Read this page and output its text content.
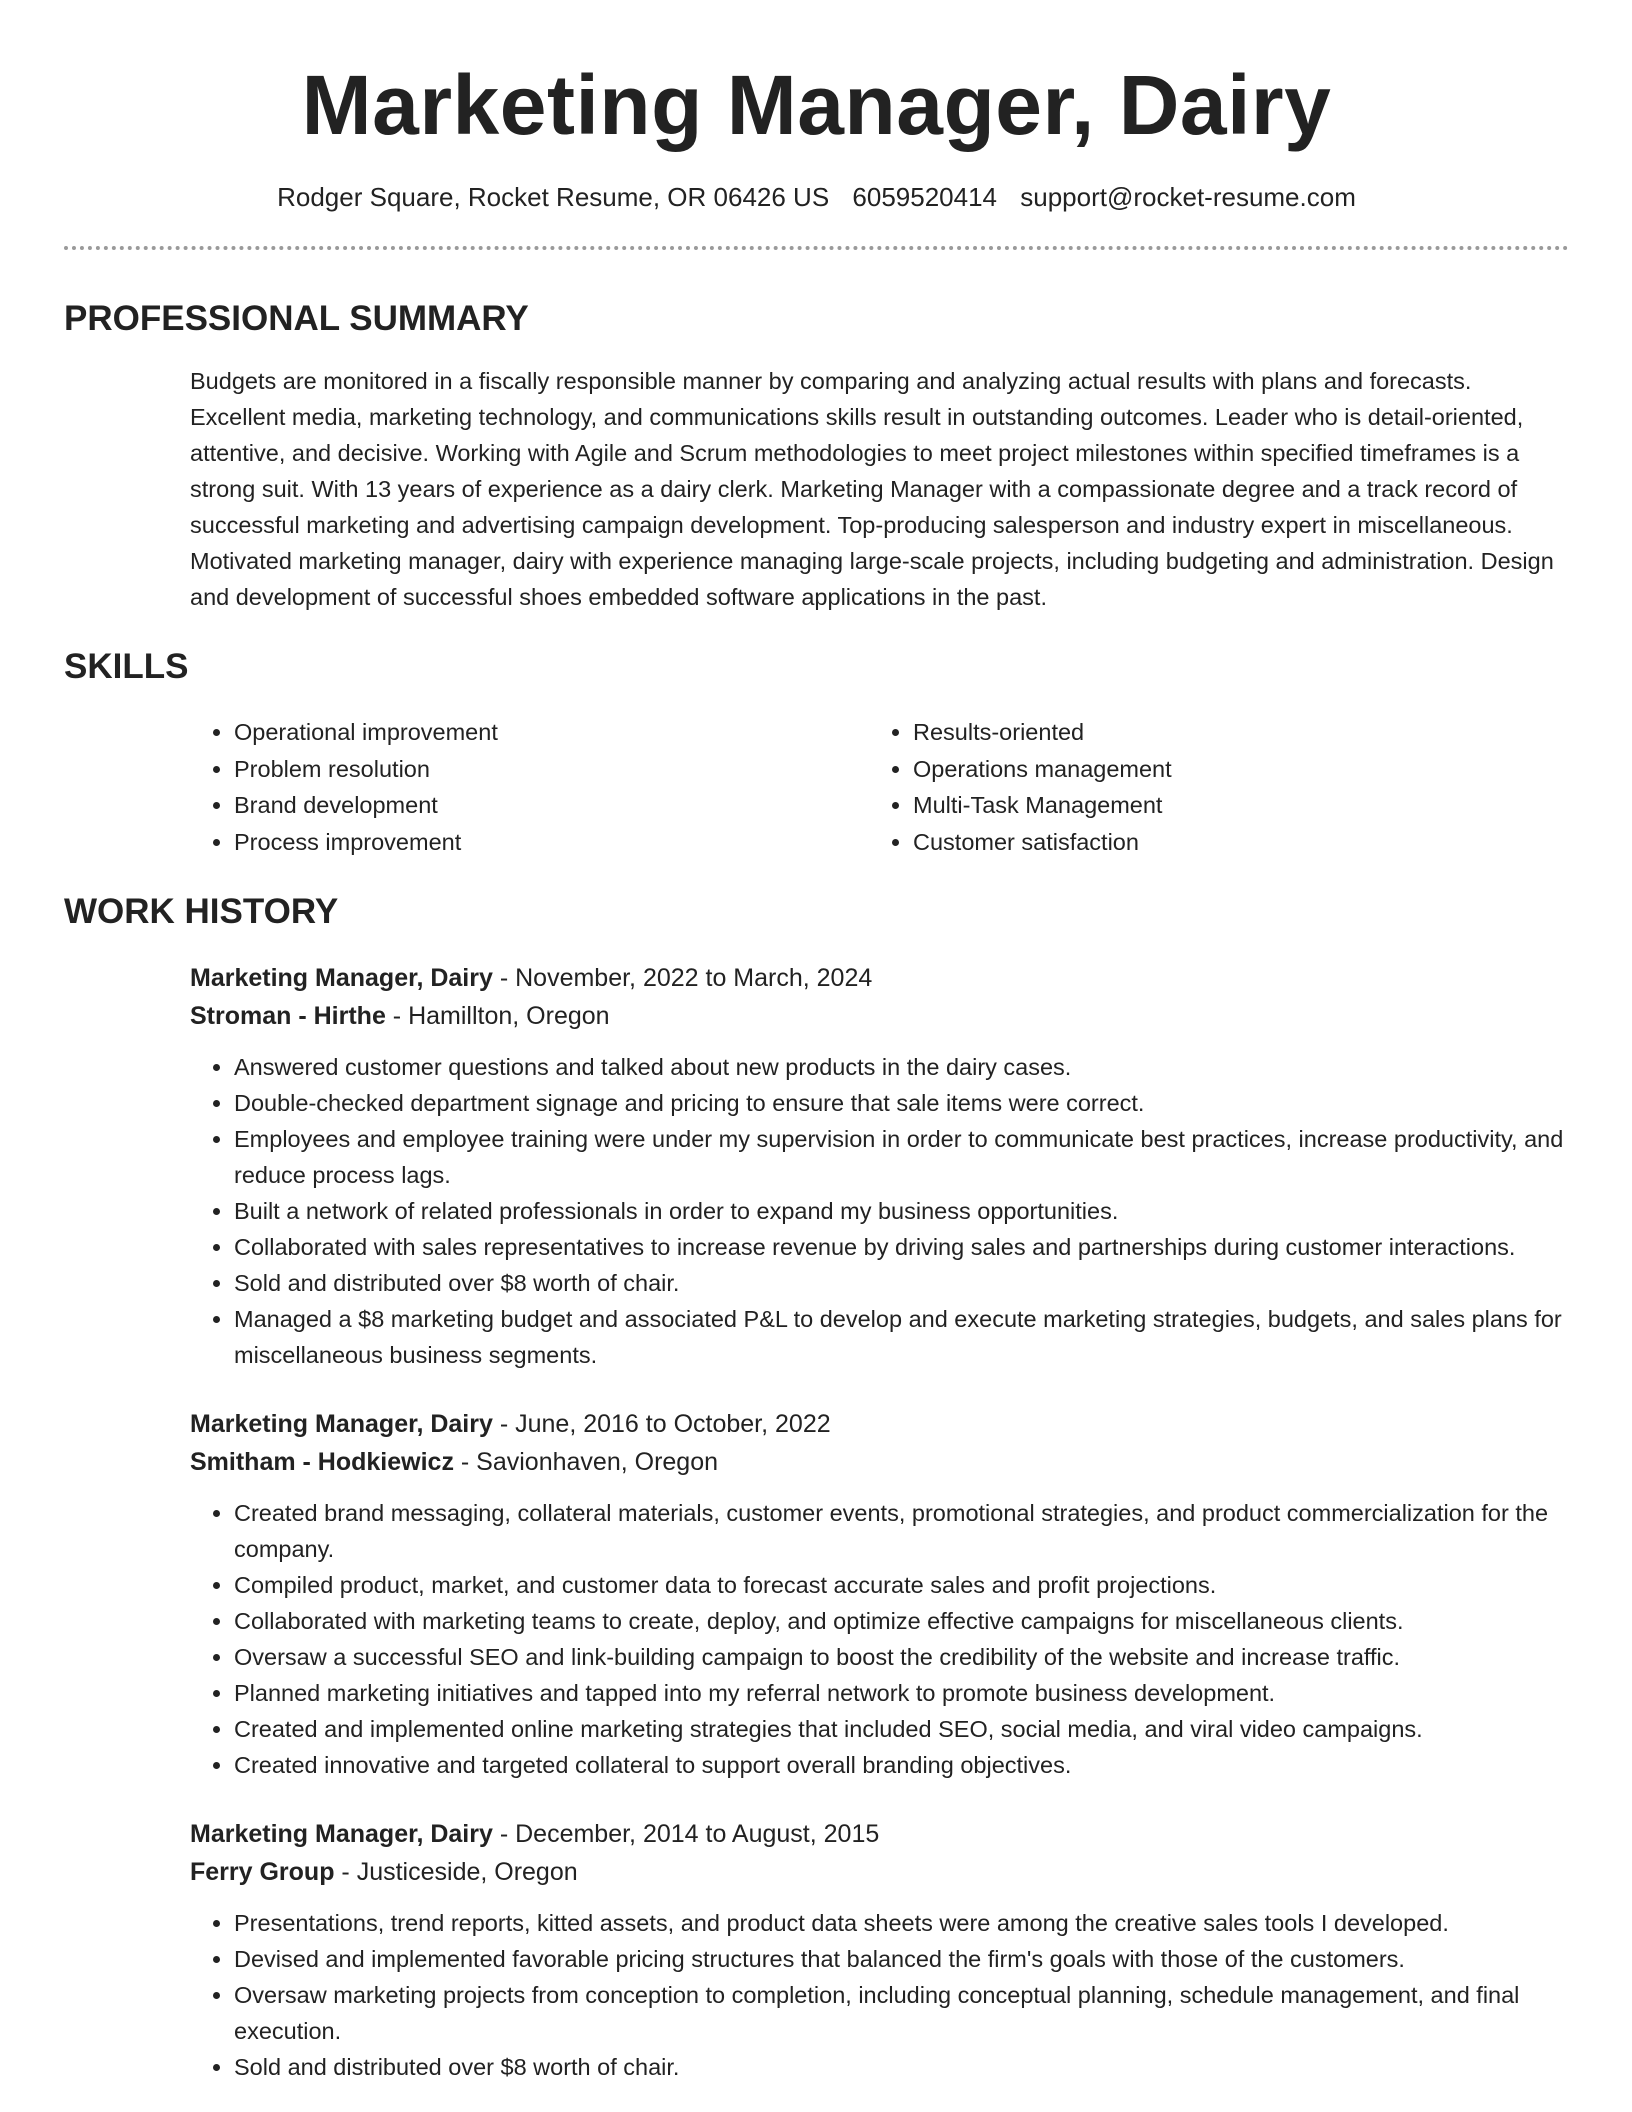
Marketing Manager, Dairy
Rodger Square, Rocket Resume, OR 06426 US 6059520414 support@rocket-resume.com
PROFESSIONAL SUMMARY

Budgets are monitored in a fiscally responsible manner by comparing and analyzing actual results with plans and forecasts. Excellent media, marketing technology, and communications skills result in outstanding outcomes. Leader who is detail-oriented, attentive, and decisive. Working with Agile and Scrum methodologies to meet project milestones within specified timeframes is a strong suit. With 13 years of experience as a dairy clerk. Marketing Manager with a compassionate degree and a track record of successful marketing and advertising campaign development. Top-producing salesperson and industry expert in miscellaneous. Motivated marketing manager, dairy with experience managing large-scale projects, including budgeting and administration. Design and development of successful shoes embedded software applications in the past.

SKILLS
• Operational improvement
• Problem resolution
• Brand development
• Process improvement
• Results-oriented
• Operations management
• Multi-Task Management
• Customer satisfaction
WORK HISTORY
Marketing Manager, Dairy - November, 2022 to March, 2024
Stroman - Hirthe - Hamillton, Oregon
• Answered customer questions and talked about new products in the dairy cases.
• Double-checked department signage and pricing to ensure that sale items were correct.
• Employees and employee training were under my supervision in order to communicate best practices, increase productivity, and reduce process lags.
• Built a network of related professionals in order to expand my business opportunities.
• Collaborated with sales representatives to increase revenue by driving sales and partnerships during customer interactions.
• Sold and distributed over $8 worth of chair.
• Managed a $8 marketing budget and associated P&L to develop and execute marketing strategies, budgets, and sales plans for miscellaneous business segments.
Marketing Manager, Dairy - June, 2016 to October, 2022
Smitham - Hodkiewicz - Savionhaven, Oregon
• Created brand messaging, collateral materials, customer events, promotional strategies, and product commercialization for the company.
• Compiled product, market, and customer data to forecast accurate sales and profit projections.
• Collaborated with marketing teams to create, deploy, and optimize effective campaigns for miscellaneous clients.
• Oversaw a successful SEO and link-building campaign to boost the credibility of the website and increase traffic.
• Planned marketing initiatives and tapped into my referral network to promote business development.
• Created and implemented online marketing strategies that included SEO, social media, and viral video campaigns.
• Created innovative and targeted collateral to support overall branding objectives.
Marketing Manager, Dairy - December, 2014 to August, 2015
Ferry Group - Justiceside, Oregon
• Presentations, trend reports, kitted assets, and product data sheets were among the creative sales tools I developed.
• Devised and implemented favorable pricing structures that balanced the firm's goals with those of the customers.
• Oversaw marketing projects from conception to completion, including conceptual planning, schedule management, and final execution.
• Sold and distributed over $8 worth of chair.
